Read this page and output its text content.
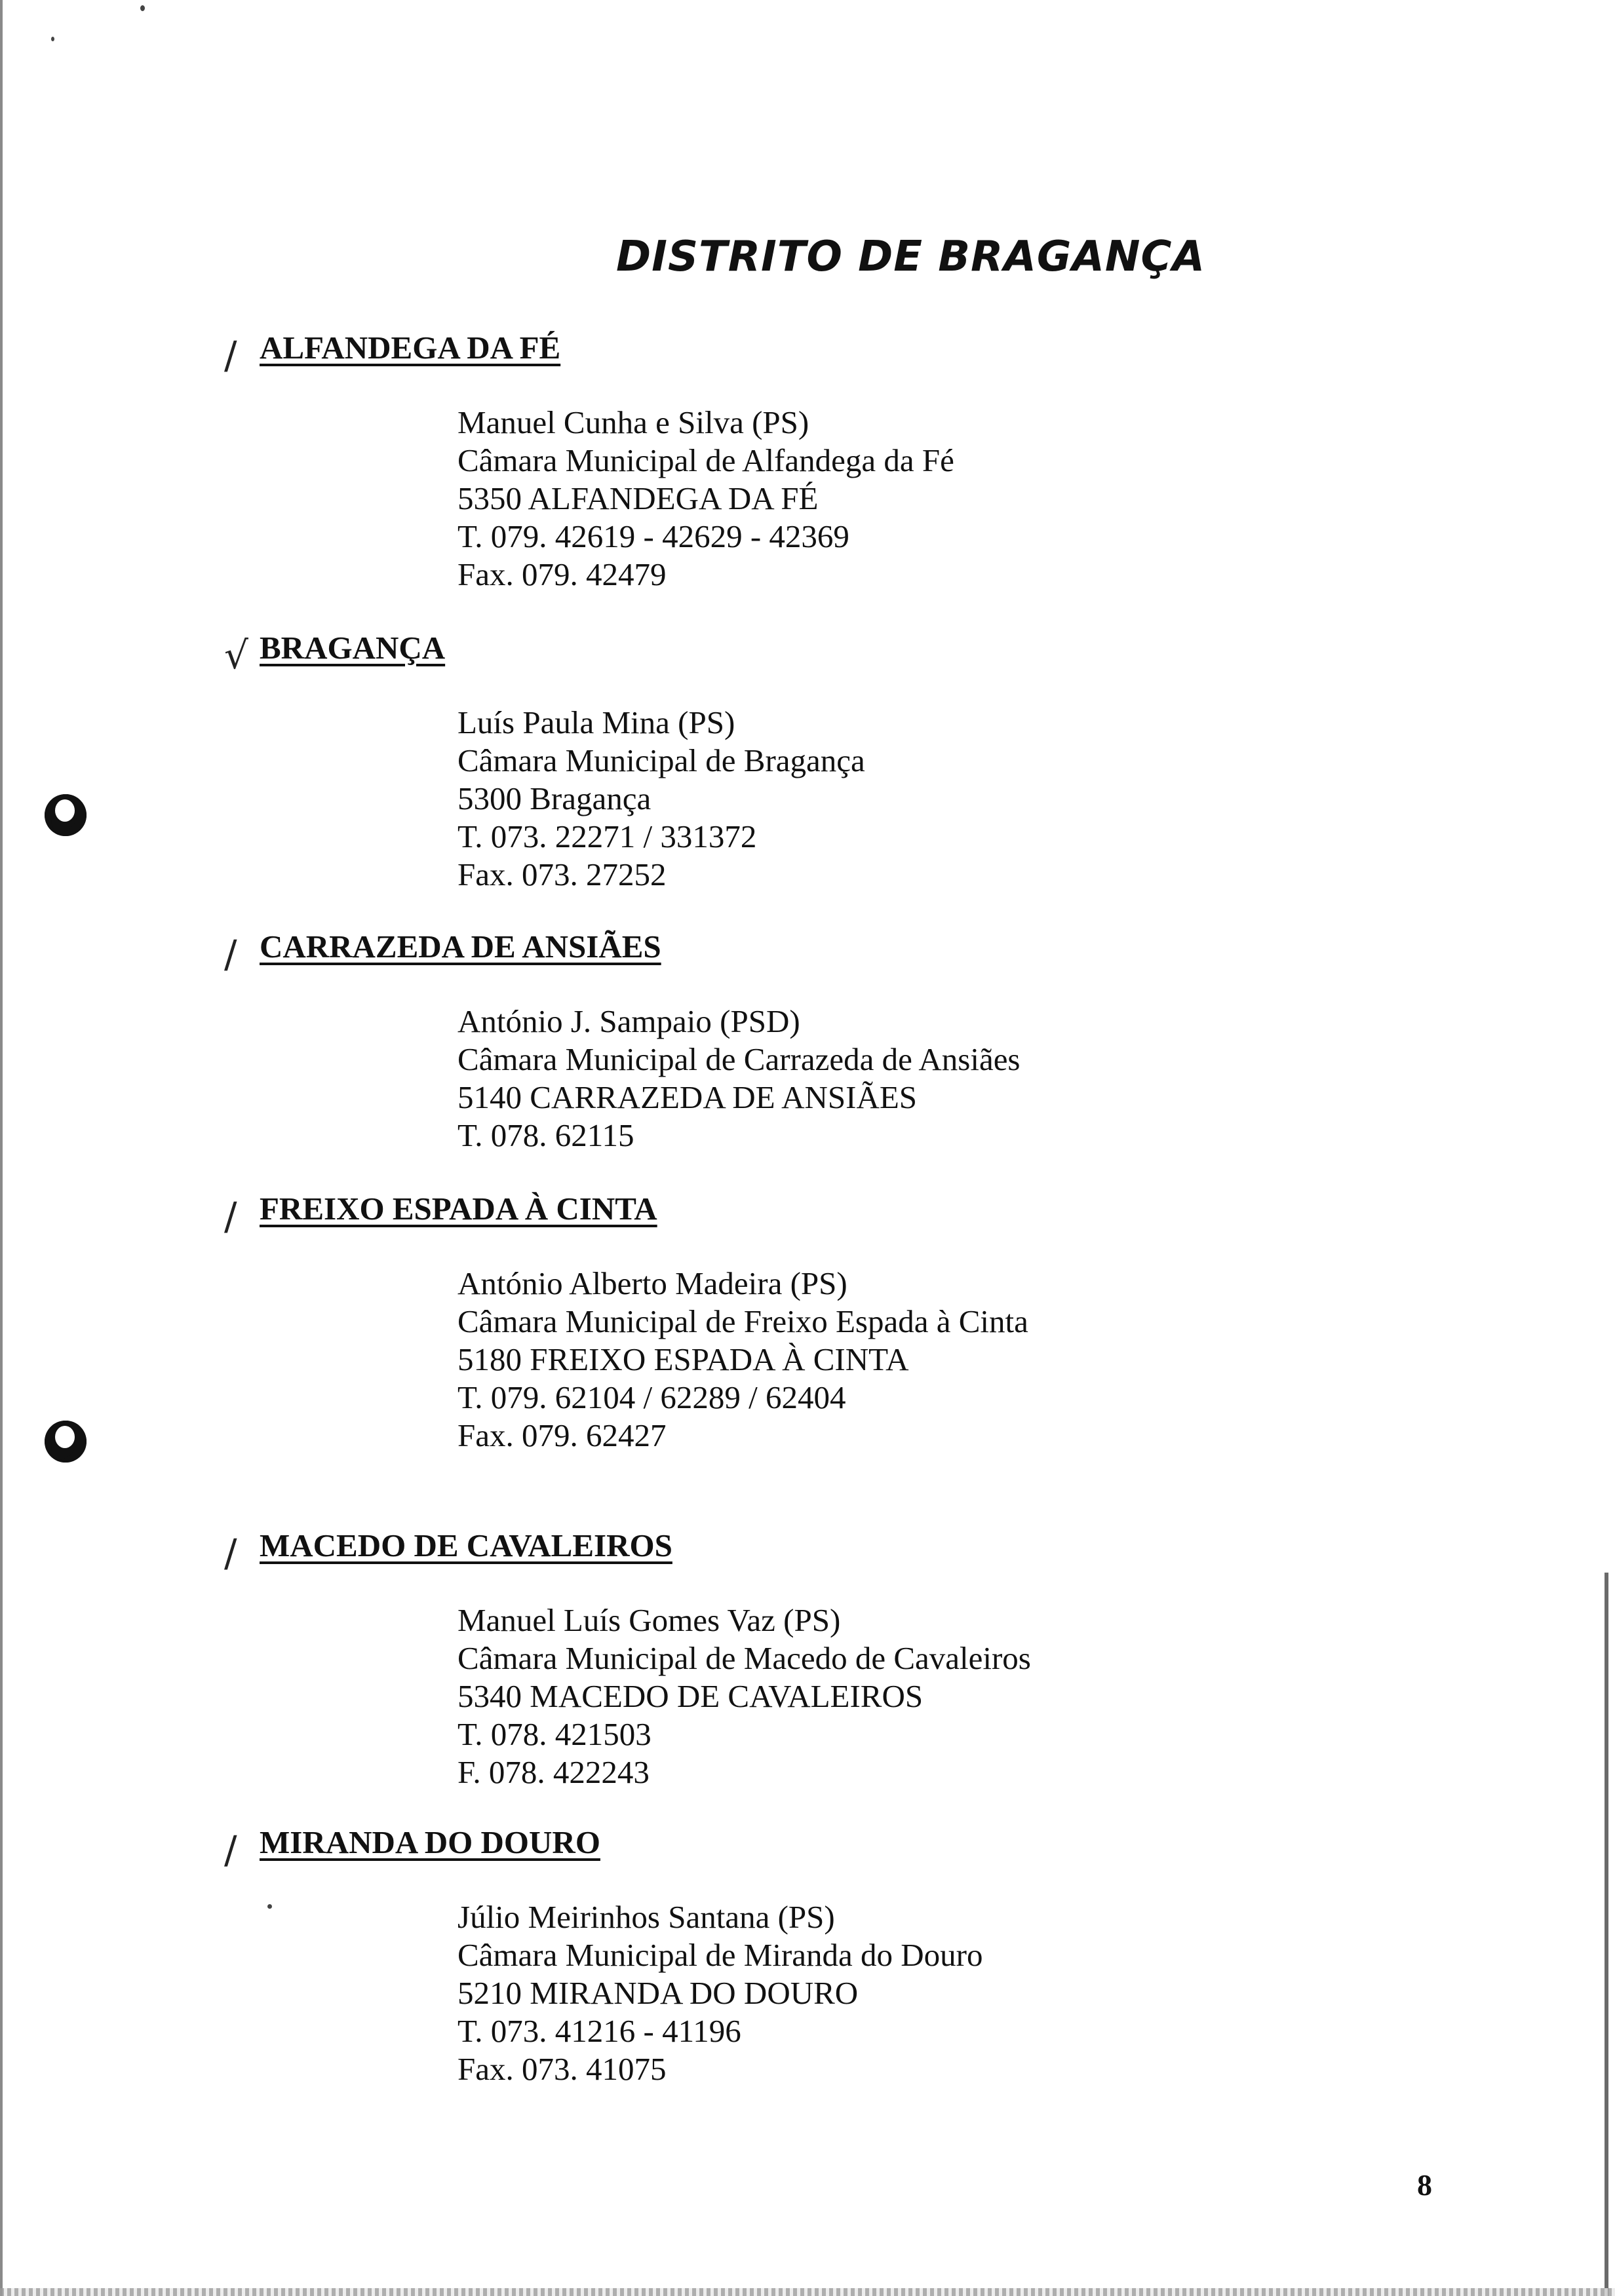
DISTRITO DE BRAGANÇA
∕ ALFANDEGA DA FÉ
Manuel Cunha e Silva (PS)
Câmara Municipal de Alfandega da Fé
5350 ALFANDEGA DA FÉ
T. 079. 42619 - 42629 - 42369
Fax. 079. 42479
√ BRAGANÇA
Luís Paula Mina (PS)
Câmara Municipal de Bragança
5300 Bragança
T. 073. 22271 / 331372
Fax. 073. 27252
∕ CARRAZEDA DE ANSIÃES
António J. Sampaio (PSD)
Câmara Municipal de Carrazeda de Ansiães
5140 CARRAZEDA DE ANSIÃES
T. 078. 62115
/ FREIXO ESPADA À CINTA
António Alberto Madeira (PS)
Câmara Municipal de Freixo Espada à Cinta
5180 FREIXO ESPADA À CINTA
T. 079. 62104 / 62289 / 62404
Fax. 079. 62427
/ MACEDO DE CAVALEIROS
Manuel Luís Gomes Vaz (PS)
Câmara Municipal de Macedo de Cavaleiros
5340 MACEDO DE CAVALEIROS
T. 078. 421503
F. 078. 422243
/ MIRANDA DO DOURO
Júlio Meirinhos Santana (PS)
Câmara Municipal de Miranda do Douro
5210 MIRANDA DO DOURO
T. 073. 41216 - 41196
Fax. 073. 41075
8
